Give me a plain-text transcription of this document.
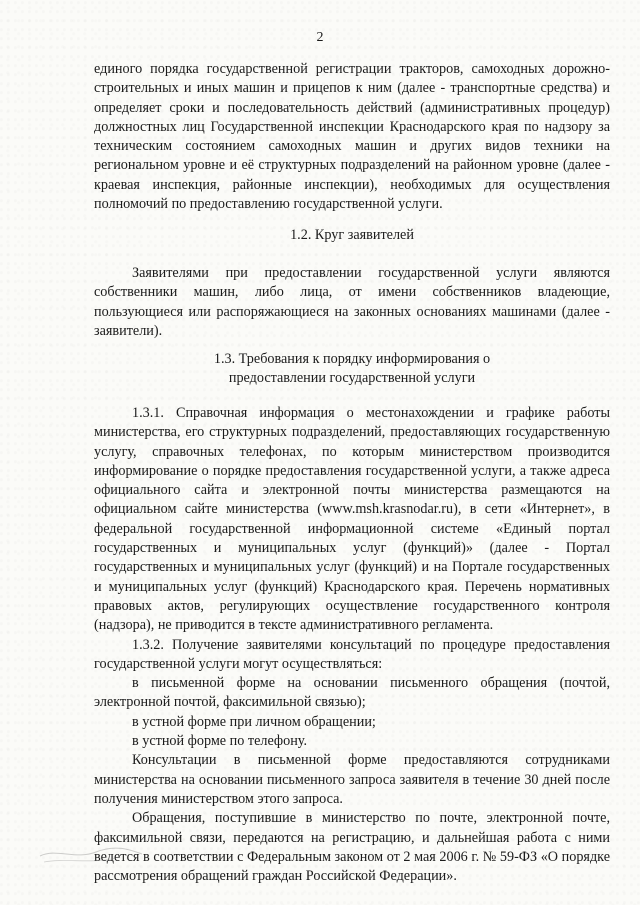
2

единого порядка государственной регистрации тракторов, самоходных дорожно-строительных и иных машин и прицепов к ним (далее - транспортные средства) и определяет сроки и последовательность действий (административных процедур) должностных лиц Государственной инспекции Краснодарского края по надзору за техническим состоянием самоходных машин и других видов техники на региональном уровне и её структурных подразделений на районном уровне (далее - краевая инспекция, районные инспекции), необходимых для осуществления полномочий по предоставлению государственной услуги.

1.2. Круг заявителей

Заявителями при предоставлении государственной услуги являются собственники машин, либо лица, от имени собственников владеющие, пользующиеся или распоряжающиеся на законных основаниях машинами (далее - заявители).

1.3. Требования к порядку информирования о

предоставлении государственной услуги

1.3.1. Справочная информация о местонахождении и графике работы министерства, его структурных подразделений, предоставляющих государственную услугу, справочных телефонах, по которым министерством производится информирование о порядке предоставления государственной услуги, а также адреса официального сайта и электронной почты министерства размещаются на официальном сайте министерства (www.msh.krasnodar.ru), в сети «Интернет», в федеральной государственной информационной системе «Единый портал государственных и муниципальных услуг (функций)» (далее - Портал государственных и муниципальных услуг (функций) и на Портале государственных и муниципальных услуг (функций) Краснодарского края. Перечень нормативных правовых актов, регулирующих осуществление государственного контроля (надзора), не приводится в тексте административного регламента.

1.3.2. Получение заявителями консультаций по процедуре предоставления государственной услуги могут осуществляться:

в письменной форме на основании письменного обращения (почтой, электронной почтой, факсимильной связью);

в устной форме при личном обращении;

в устной форме по телефону.

Консультации в письменной форме предоставляются сотрудниками министерства на основании письменного запроса заявителя в течение 30 дней после получения министерством этого запроса.

Обращения, поступившие в министерство по почте, электронной почте, факсимильной связи, передаются на регистрацию, и дальнейшая работа с ними ведется в соответствии с Федеральным законом от 2 мая 2006 г. № 59-ФЗ «О порядке рассмотрения обращений граждан Российской Федерации».
